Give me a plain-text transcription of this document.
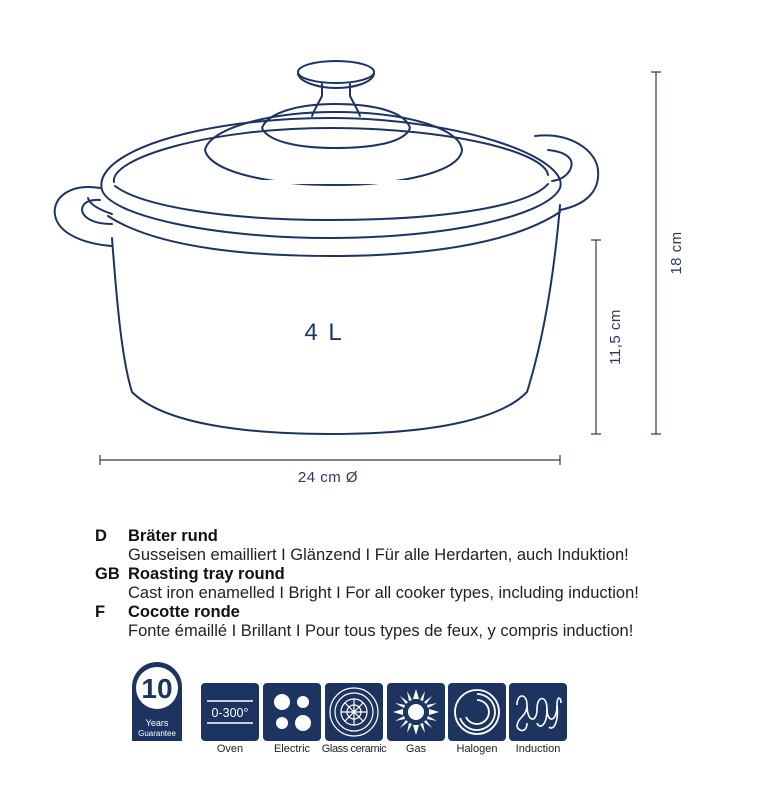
4 L
24 cm Ø
11,5 cm
18 cm
D Bräter rund
Gusseisen emailliert I Glänzend I Für alle Herdarten, auch Induktion!
GB Roasting tray round
Cast iron enamelled I Bright I For all cooker types, including induction!
F Cocotte ronde
Fonte émaillé I Brillant I Pour tous types de feux, y compris induction!
10
Years
Guarantee
0-300°
Oven	Electric	Glass ceramic	Gas	Halogen	Induction
